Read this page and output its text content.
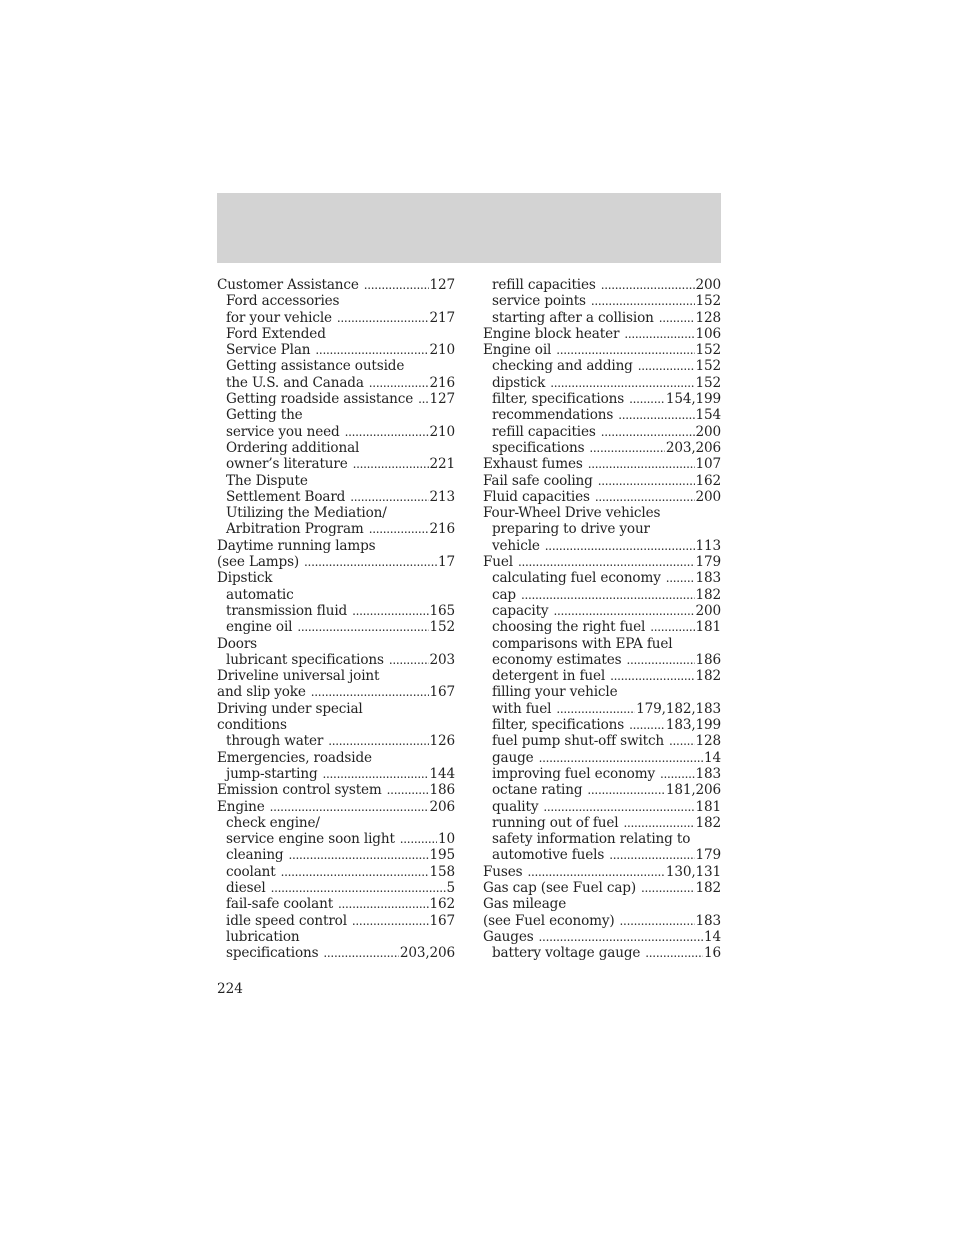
Customer Assistance .....	127
Ford accessories
for your vehicle .....	217
Ford Extended
Service Plan .....	210
Getting assistance outside
the U.S. and Canada .....	216
Getting roadside assistance ..... 127
Getting the
service you need .....	210
Ordering additional
owner’s literature .....	221
The Dispute
Settlement Board .....	213
Utilizing the Mediation/
Arbitration Program .....	216
Daytime running lamps
(see Lamps) .....	17
Dipstick
automatic
transmission fluid .....	165
engine oil .....	152
Doors
lubricant specifications .....	203
Driveline universal joint
and slip yoke .....	167
Driving under special
conditions
through water .....	126
Emergencies, roadside
jump-starting .....	144
Emission control system .....	186
Engine .....	206
check engine/
service engine soon light .....	10
cleaning .....	195
coolant .....	158
diesel .....	5
fail-safe coolant .....	162
idle speed control .....	167
lubrication
specifications .....	203,206
refill capacities .....	200
service points .....	152
starting after a collision .....	128
Engine block heater .....	106
Engine oil .....	152
checking and adding .....	152
dipstick .....	152
filter, specifications .....	154,199
recommendations .....	154
refill capacities .....	200
specifications .....	203,206
Exhaust fumes .....	107
Fail safe cooling .....	162
Fluid capacities .....	200
Four-Wheel Drive vehicles
preparing to drive your
vehicle .....	113
Fuel .....	179
calculating fuel economy .....	183
cap .....	182
capacity .....	200
choosing the right fuel .....	181
comparisons with EPA fuel
economy estimates .....	186
detergent in fuel .....	182
filling your vehicle
with fuel .....	179,182,183
filter, specifications .....	183,199
fuel pump shut-off switch ..... 128
gauge .....	14
improving fuel economy .....	183
octane rating .....	181,206
quality .....	181
running out of fuel .....	182
safety information relating to
automotive fuels .....	179
Fuses .....	130,131
Gas cap (see Fuel cap) .....	182
Gas mileage
(see Fuel economy) .....	183
Gauges .....	14
battery voltage gauge .....	16
224
